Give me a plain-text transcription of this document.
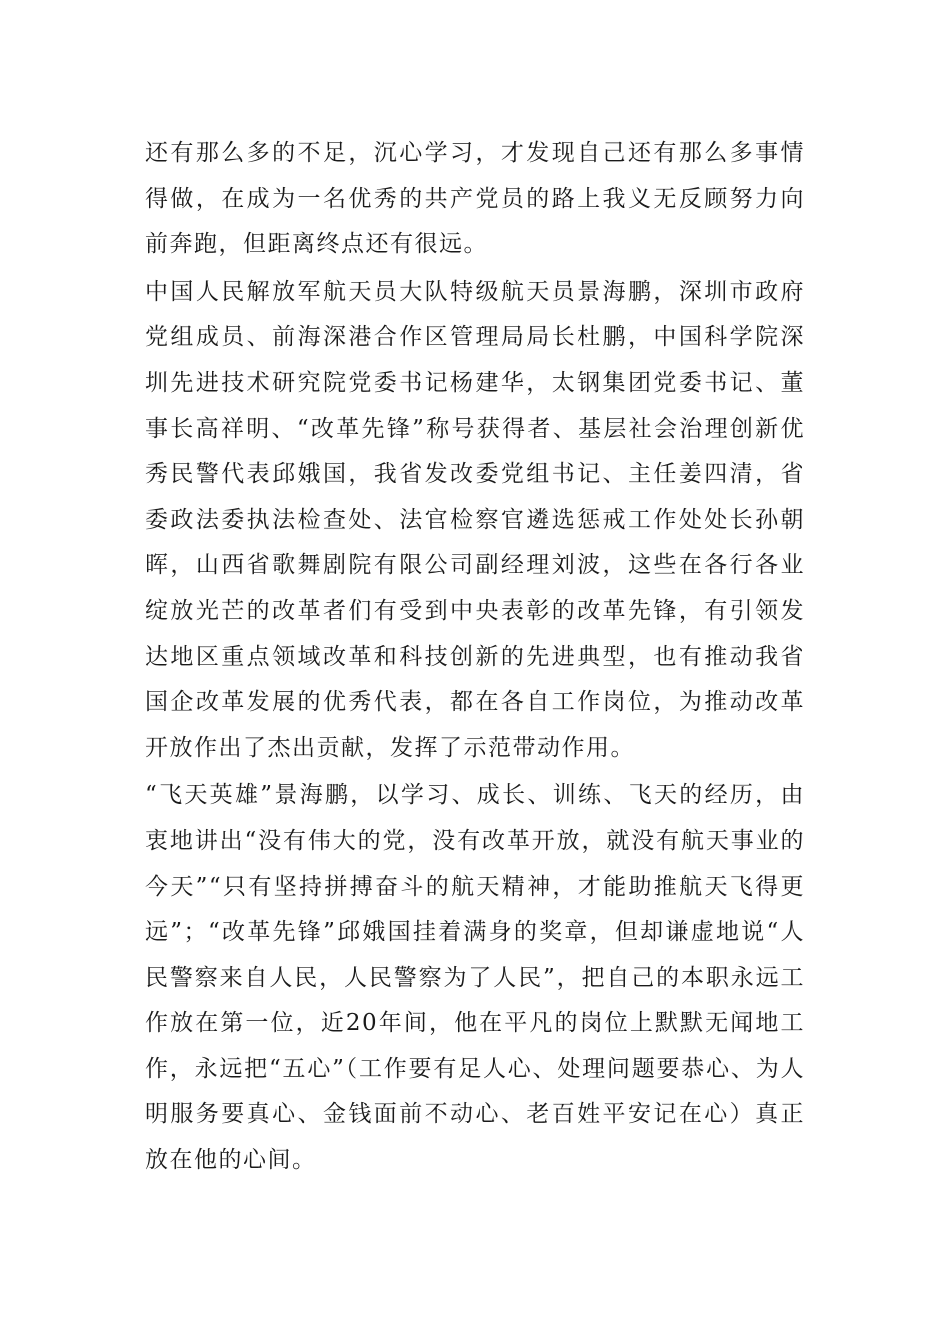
还有那么多的不足，沉心学习，才发现自己还有那么多事情得做，在成为一名优秀的共产党员的路上我义无反顾努力向前奔跑，但距离终点还有很远。

中国人民解放军航天员大队特级航天员景海鹏，深圳市政府党组成员、前海深港合作区管理局局长杜鹏，中国科学院深圳先进技术研究院党委书记杨建华，太钢集团党委书记、董事长高祥明、“改革先锋”称号获得者、基层社会治理创新优秀民警代表邱娥国，我省发改委党组书记、主任姜四清，省委政法委执法检查处、法官检察官遴选惩戒工作处处长孙朝晖，山西省歌舞剧院有限公司副经理刘波，这些在各行各业绽放光芒的改革者们有受到中央表彰的改革先锋，有引领发达地区重点领域改革和科技创新的先进典型，也有推动我省国企改革发展的优秀代表，都在各自工作岗位，为推动改革开放作出了杰出贡献，发挥了示范带动作用。

“飞天英雄”景海鹏，以学习、成长、训练、飞天的经历，由衷地讲出“没有伟大的党，没有改革开放，就没有航天事业的今天”“只有坚持拼搏奋斗的航天精神，才能助推航天飞得更远”；“改革先锋”邱娥国挂着满身的奖章，但却谦虚地说“人民警察来自人民，人民警察为了人民”，把自己的本职永远工作放在第一位，近20年间，他在平凡的岗位上默默无闻地工作，永远把“五心”（工作要有足人心、处理问题要恭心、为人明服务要真心、金钱面前不动心、老百姓平安记在心）真正放在他的心间。
